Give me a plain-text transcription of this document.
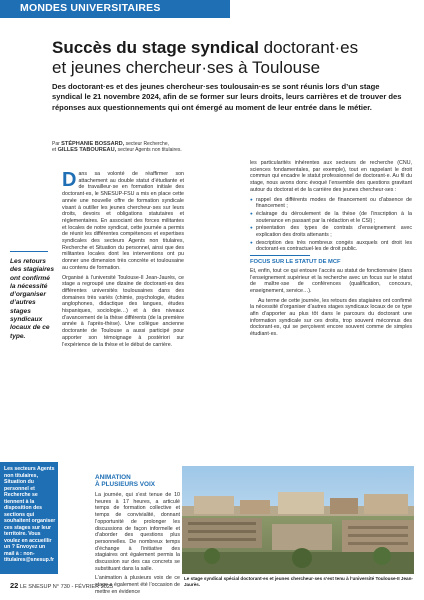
MONDES UNIVERSITAIRES
Succès du stage syndical doctorant·es
et jeunes chercheur·ses à Toulouse
Des doctorant·es et des jeunes chercheur·ses toulousain·es se sont réunis lors d’un stage syndical le 21 novembre 2024, afin de se former sur leurs droits, leurs carrières et de trouver des réponses aux questionnements qui ont émergé au moment de leur entrée dans le métier.
Par STÉPHANIE BOSSARD, secteur Recherche,
et GILLES TABOUREAU, secteur Agents non titulaires.
Les retours des stagiaires ont confirmé la nécessité d’organiser d’autres stages syndicaux locaux de ce type.
Les secteurs Agents non titulaires, Situation du personnel et Recherche se tiennent à la disposition des sections qui souhaitent organiser ces stages sur leur territoire. Vous voulez en accueillir un ? Envoyez un mail à : non-titulaires@snesup.fr

Dans sa volonté de réaffirmer son attachement au double statut d’étudiante et de travailleur·se en formation initiale des doctorant·es, le SNESUP-FSU a mis en place cette année une nouvelle offre de formation syndicale visant à outiller les jeunes chercheur·ses sur leurs droits, devoirs et obligations statutaires et réglementaires. En associant des forces militantes et locales de notre syndicat, cette journée a permis de réunir les différentes compétences et expertises syndicales des secteurs Agents non titulaires, Recherche et Situation du personnel, ainsi que des militantes locales dont les interventions ont pu donner une dimension très concrète et toulousaine au contenu de formation.

Organisé à l’université Toulouse-II Jean-Jaurès, ce stage a regroupé une dizaine de doctorant·es des différentes universités toulousaines dans des domaines très variés (chimie, psychologie, études anglophones, didactique des langues, études hispaniques, sociologie…) et à des niveaux d’avancement de la thèse différents (de la première année à l’après-thèse). Une collègue ancienne doctorante de Toulouse a aussi participé pour apporter son témoignage à postériori sur l’expérience de la thèse et le début de carrière.

les particularités inhérentes aux secteurs de recherche (CNU, sciences fondamentales, par exemple), tout en rappelant le droit commun qui encadre le statut professionnel de doctorant·e. Au fil du stage, nous avons donc évoqué l’ensemble des questions gravitant autour du doctorat et de la carrière des jeunes chercheur·ses :

● rappel des différents modes de financement ou d’absence de financement ;
● éclairage du déroulement de la thèse (de l’inscription à la soutenance en passant par la rédaction et le CSI) ;
● présentation des types de contrats d’enseignement avec explication des droits attenants ;
● description des très nombreux congés auxquels ont droit les doctorant·es contractuel·les de droit public.
FOCUS SUR LE STATUT DE MCF

Et, enfin, tout ce qui entoure l’accès au statut de fonctionnaire (dans l’enseignement supérieur et la recherche avec un focus sur le statut de maître·sse de conférences (qualification, concours, enseignement, service…).

Au terme de cette journée, les retours des stagiaires ont confirmé la nécessité d’organiser d’autres stages syndicaux locaux de ce type afin d’apporter au plus tôt dans le parcours du doctorant une information syndicale sur ces droits, trop souvent méconnus des doctorant·es, qui se perçoivent encore souvent comme de simples étudiant·es.

ANIMATION
À PLUSIEURS VOIX

La journée, qui s’est tenue de 10 heures à 17 heures, a articulé temps de formation collective et temps de convivialité, donnant l’opportunité de prolonger les discussions de façon informelle et d’aborder des questions plus personnelles. De nombreux temps d’échange à l’initiative des stagiaires ont également permis la discussion sur des cas concrets se substituant dans la salle.

L’animation à plusieurs voix de ce stage a également été l’occasion de mettre en évidence

Le stage syndical spécial doctorant·es et jeunes chercheur·ses s’est tenu à l’université Toulouse-II Jean-Jaurès.
22 LE SNESUP N° 730 - FÉVRIER 2025
